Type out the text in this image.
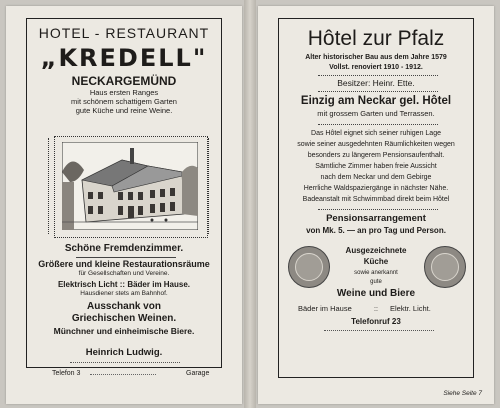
HOTEL - RESTAURANT
„KREDELL"
NECKARGEMÜND
Haus ersten Ranges
mit schönem schattigem Garten
gute Küche und reine Weine.
Schöne Fremdenzimmer.
Größere und kleine Restaurationsräume
für Gesellschaften und Vereine.
Elektrisch Licht :: Bäder im Hause.
Hausdiener stets am Bahnhof.
Ausschank von
Griechischen Weinen.
Münchner und einheimische Biere.
Heinrich Ludwig.
Telefon 3	Garage
Hôtel zur Pfalz
Alter historischer Bau aus dem Jahre 1579
Vollst. renoviert 1910 - 1912.
Besitzer: Heinr. Ette.
Einzig am Neckar gel. Hôtel
mit grossem Garten und Terrassen.
Das Hôtel eignet sich seiner ruhigen Lage
sowie seiner ausgedehnten Räumlichkeiten wegen
besonders zu längerem Pensionsaufenthalt.
Sämtliche Zimmer haben freie Aussicht
nach dem Neckar und dem Gebirge
Herrliche Waldspaziergänge in nächster Nähe.
Badeanstalt mit Schwimmbad direkt beim Hôtel
Pensionsarrangement
von Mk. 5. — an pro Tag und Person.
Ausgezeichnete
Küche
sowie anerkannt
gute
Weine und Biere
Bäder im Hause	:: Elektr. Licht.
Telefonruf 23
Siehe Seite 7
